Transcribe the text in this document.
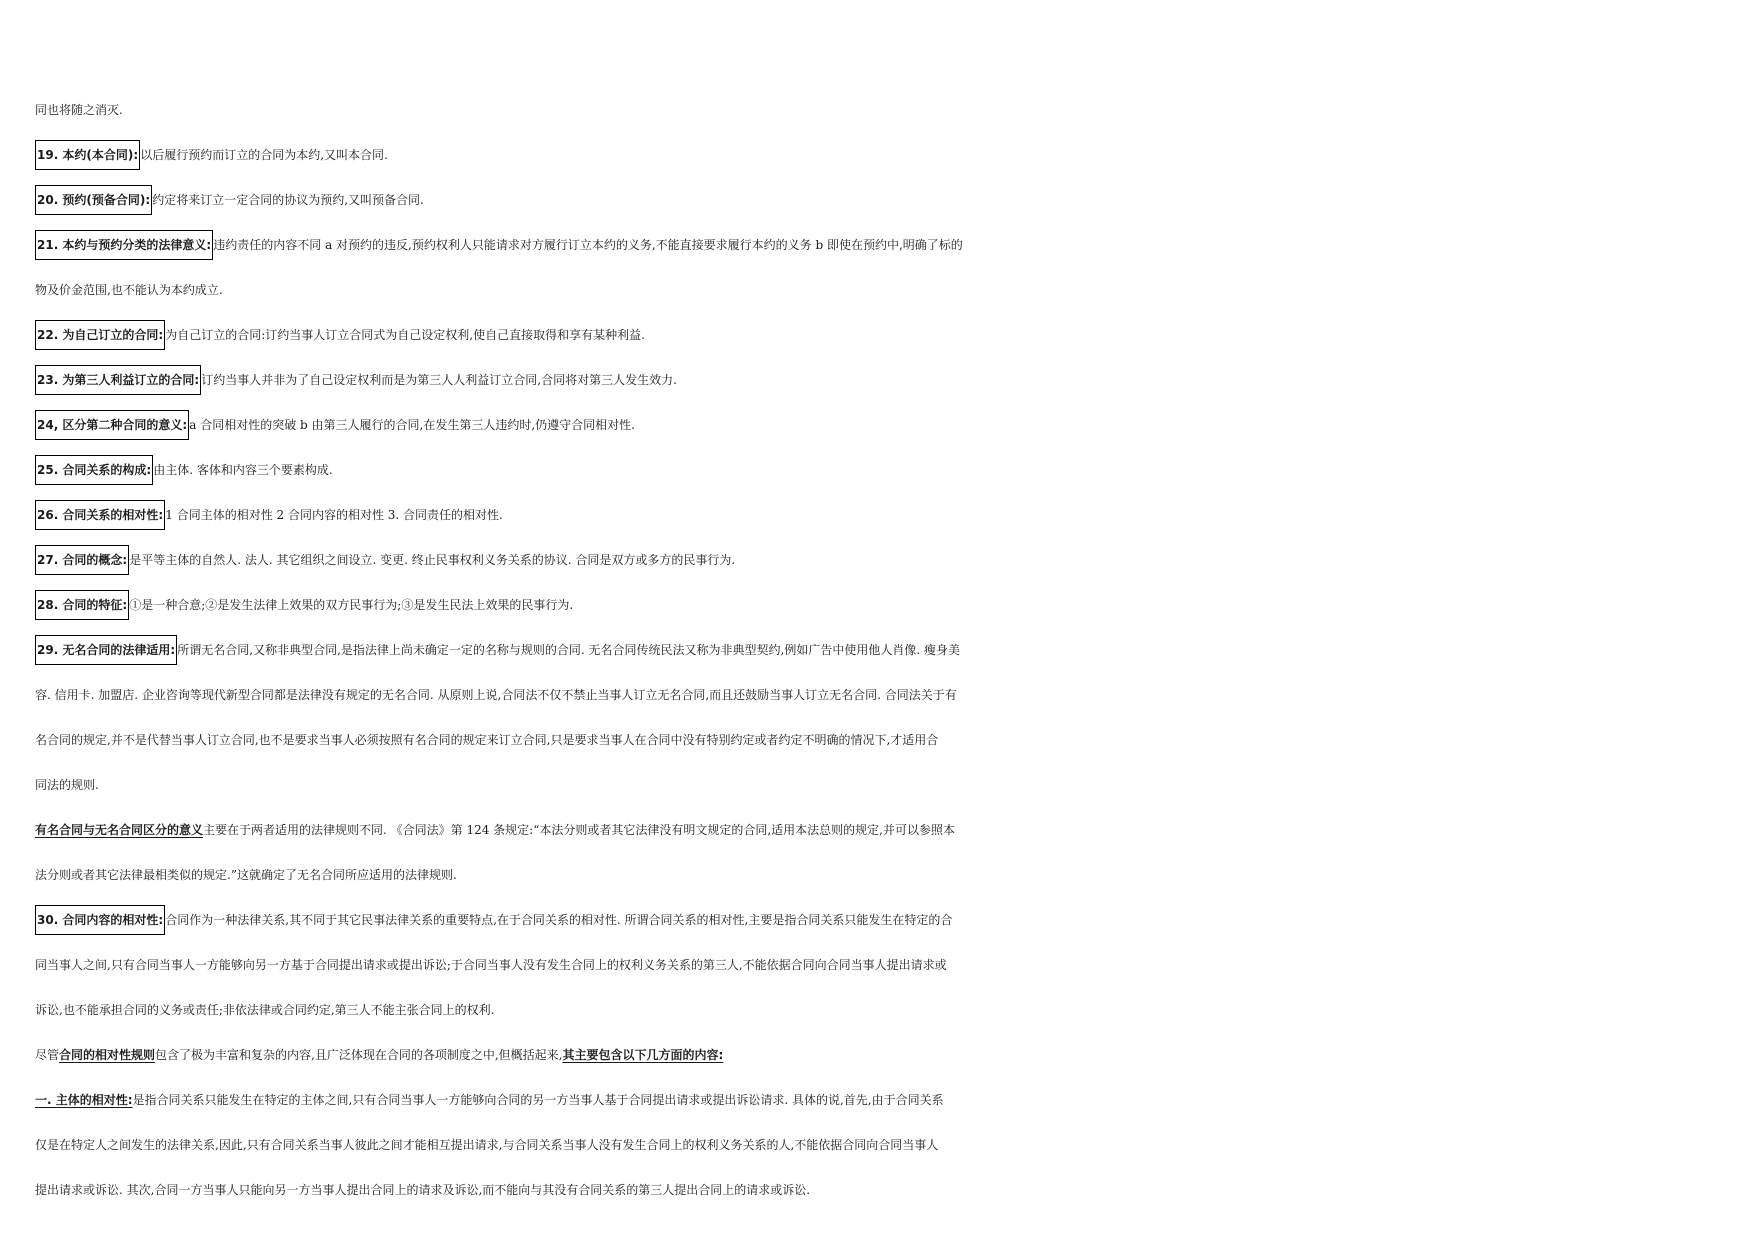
同也将随之消灭.
19. 本约(本合同): 以后履行预约而订立的合同为本约,又叫本合同.
20. 预约(预备合同): 约定将来订立一定合同的协议为预约,又叫预备合同.
21. 本约与预约分类的法律意义: 违约责任的内容不同 a 对预约的违反,预约权利人只能请求对方履行订立本约的义务,不能直接要求履行本约的义务 b 即使在预约中,明确了标的
物及价金范围,也不能认为本约成立.
22. 为自己订立的合同: 为自己订立的合同:订约当事人订立合同式为自己设定权利,使自己直接取得和享有某种利益.
23. 为第三人利益订立的合同: 订约当事人并非为了自己设定权利而是为第三人人利益订立合同,合同将对第三人发生效力.
24, 区分第二种合同的意义: a 合同相对性的突破 b 由第三人履行的合同,在发生第三人违约时,仍遵守合同相对性.
25. 合同关系的构成: 由主体. 客体和内容三个要素构成.
26. 合同关系的相对性: 1 合同主体的相对性 2 合同内容的相对性 3. 合同责任的相对性.
27. 合同的概念: 是平等主体的自然人. 法人. 其它组织之间设立. 变更. 终止民事权利义务关系的协议. 合同是双方或多方的民事行为.
28. 合同的特征: ①是一种合意;②是发生法律上效果的双方民事行为;③是发生民法上效果的民事行为.
29. 无名合同的法律适用: 所谓无名合同,又称非典型合同,是指法律上尚未确定一定的名称与规则的合同. 无名合同传统民法又称为非典型契约,例如广告中使用他人肖像. 瘦身美
容. 信用卡. 加盟店. 企业咨询等现代新型合同都是法律没有规定的无名合同. 从原则上说,合同法不仅不禁止当事人订立无名合同,而且还鼓励当事人订立无名合同. 合同法关于有
名合同的规定,并不是代替当事人订立合同,也不是要求当事人必须按照有名合同的规定来订立合同,只是要求当事人在合同中没有特别约定或者约定不明确的情况下,才适用合
同法的规则.
有名合同与无名合同区分的意义主要在于两者适用的法律规则不同. 《合同法》第 124 条规定:“本法分则或者其它法律没有明文规定的合同,适用本法总则的规定,并可以参照本
法分则或者其它法律最相类似的规定.”这就确定了无名合同所应适用的法律规则.
30. 合同内容的相对性: 合同作为一种法律关系,其不同于其它民事法律关系的重要特点,在于合同关系的相对性. 所谓合同关系的相对性,主要是指合同关系只能发生在特定的合
同当事人之间,只有合同当事人一方能够向另一方基于合同提出请求或提出诉讼;于合同当事人没有发生合同上的权利义务关系的第三人,不能依据合同向合同当事人提出请求或
诉讼,也不能承担合同的义务或责任;非依法律或合同约定,第三人不能主张合同上的权利.
尽管合同的相对性规则包含了极为丰富和复杂的内容,且广泛体现在合同的各项制度之中,但概括起来,其主要包含以下几方面的内容:
一. 主体的相对性:是指合同关系只能发生在特定的主体之间,只有合同当事人一方能够向合同的另一方当事人基于合同提出请求或提出诉讼请求. 具体的说,首先,由于合同关系
仅是在特定人之间发生的法律关系,因此,只有合同关系当事人彼此之间才能相互提出请求,与合同关系当事人没有发生合同上的权利义务关系的人,不能依据合同向合同当事人
提出请求或诉讼. 其次,合同一方当事人只能向另一方当事人提出合同上的请求及诉讼,而不能向与其没有合同关系的第三人提出合同上的请求或诉讼.
